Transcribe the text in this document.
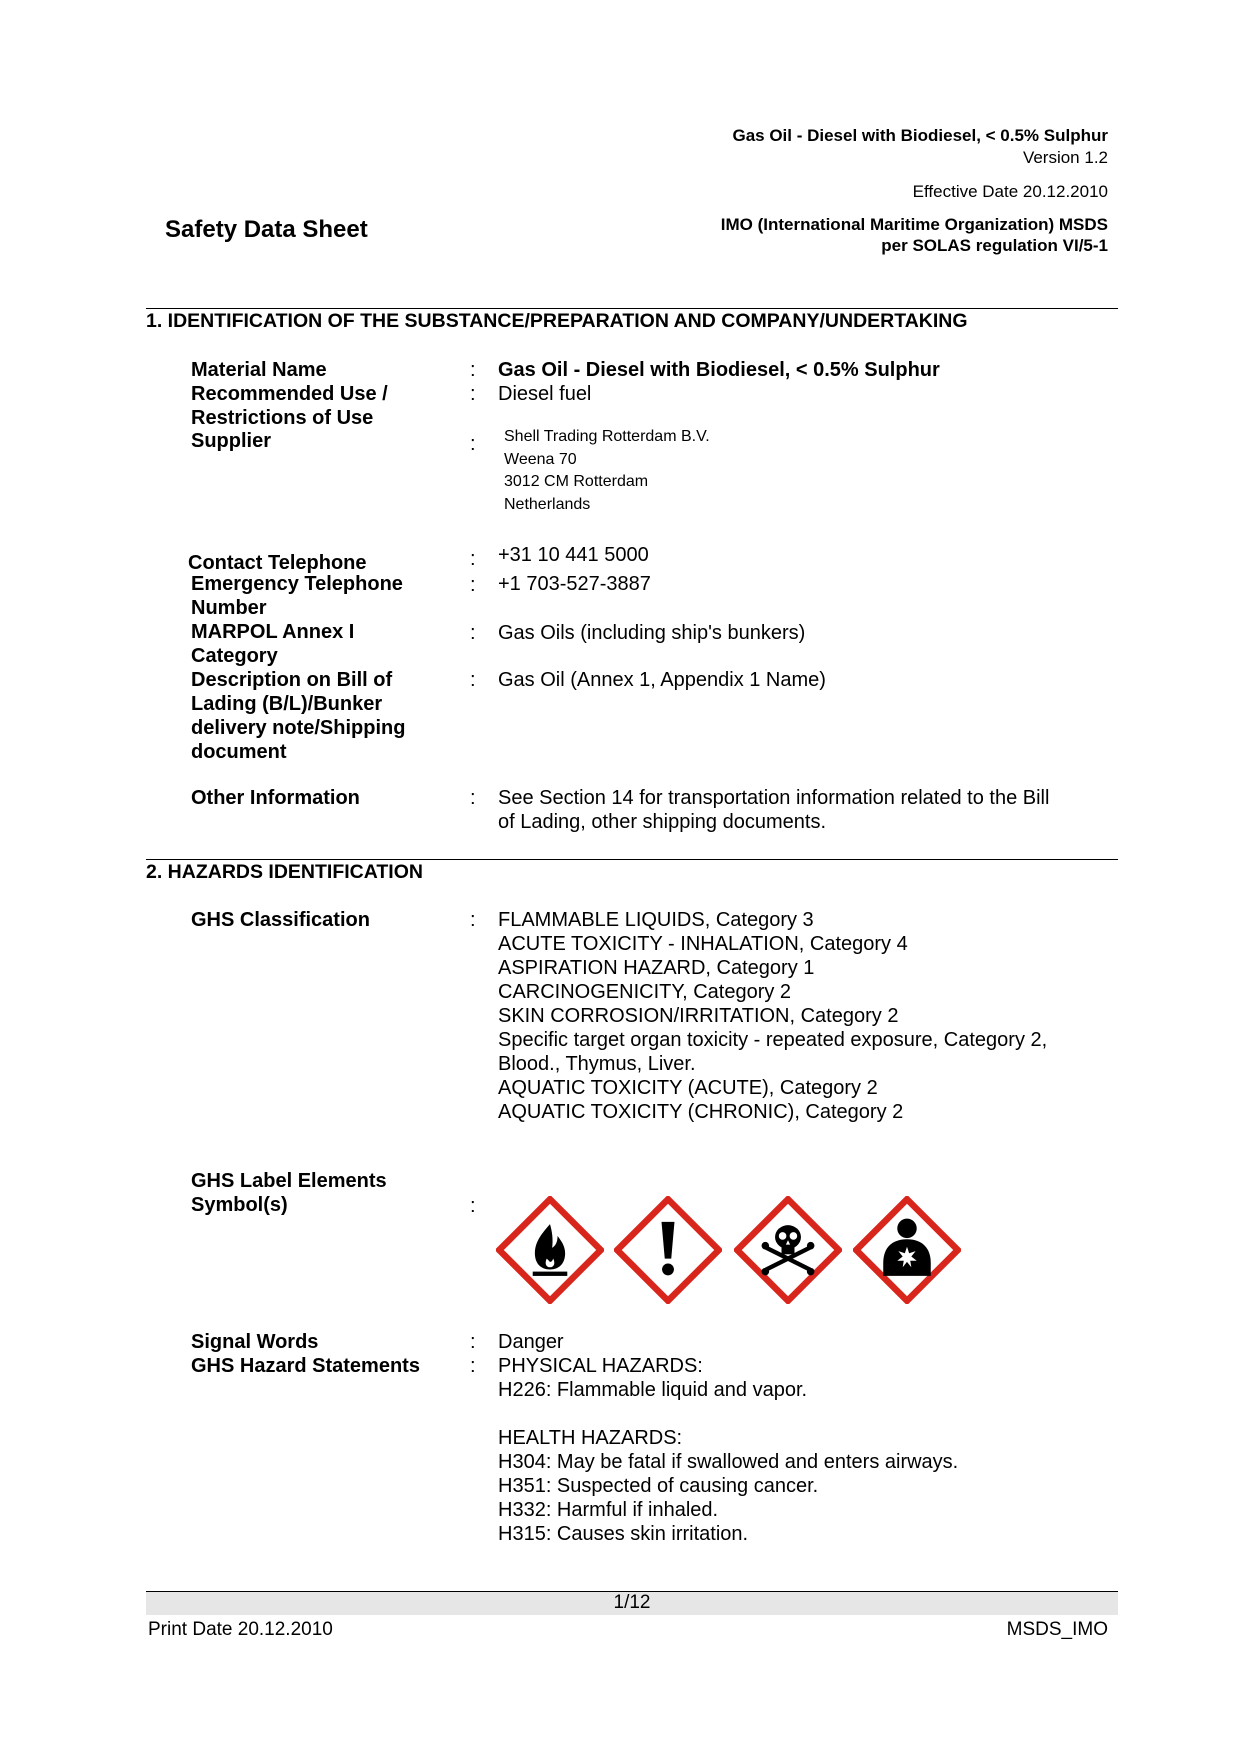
Gas Oil - Diesel with Biodiesel, < 0.5% Sulphur
Version 1.2
Effective Date 20.12.2010
Safety Data Sheet	IMO (International Maritime Organization) MSDS
per SOLAS regulation VI/5-1
1. IDENTIFICATION OF THE SUBSTANCE/PREPARATION AND COMPANY/UNDERTAKING
Material Name	: Gas Oil - Diesel with Biodiesel, < 0.5% Sulphur
Recommended Use /
Restrictions of Use
: Diesel fuel
Supplier	: Shell Trading Rotterdam B.V.
Weena 70
3012 CM Rotterdam
Netherlands
Contact Telephone	: +31 10 441 5000
Emergency Telephone
Number
: +1 703-527-3887
MARPOL Annex I
Category
: Gas Oils (including ship's bunkers)
Description on Bill of
Lading (B/L)/Bunker
delivery note/Shipping
document
: Gas Oil (Annex 1, Appendix 1 Name)
Other Information	: See Section 14 for transportation information related to the Bill
of Lading, other shipping documents.
2. HAZARDS IDENTIFICATION
GHS Classification	: FLAMMABLE LIQUIDS, Category 3
ACUTE TOXICITY - INHALATION, Category 4
ASPIRATION HAZARD, Category 1
CARCINOGENICITY, Category 2
SKIN CORROSION/IRRITATION, Category 2
Specific target organ toxicity - repeated exposure, Category 2,
Blood., Thymus, Liver.
AQUATIC TOXICITY (ACUTE), Category 2
AQUATIC TOXICITY (CHRONIC), Category 2
GHS Label Elements
Symbol(s)	:
Signal Words	: Danger
GHS Hazard Statements	: PHYSICAL HAZARDS:
H226: Flammable liquid and vapor.
HEALTH HAZARDS:
H304: May be fatal if swallowed and enters airways.
H351: Suspected of causing cancer.
H332: Harmful if inhaled.
H315: Causes skin irritation.
1/12
Print Date 20.12.2010	MSDS_IMO
